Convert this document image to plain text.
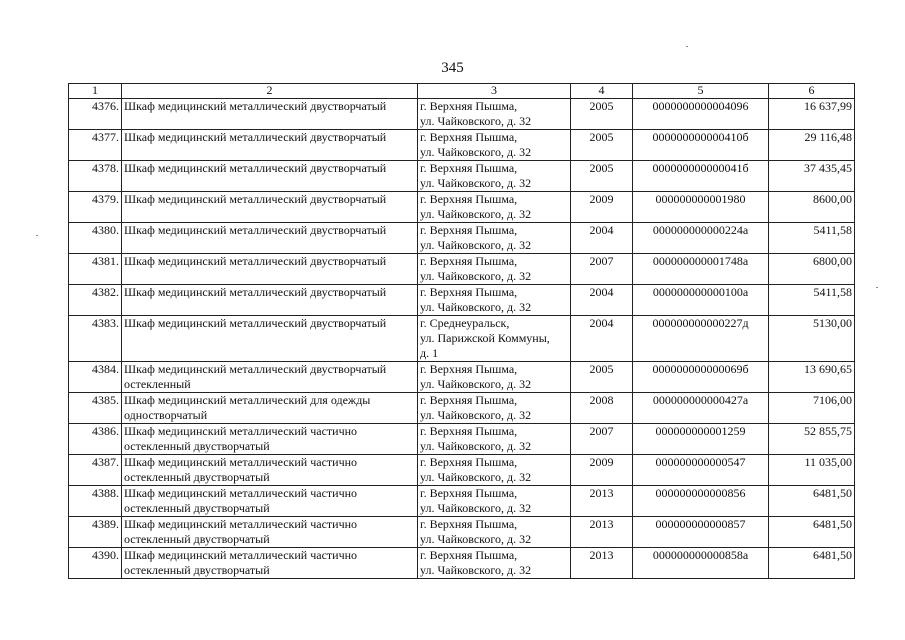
345
1	2	3	4	5	6
4376.	Шкаф медицинский металлический двустворчатый	г. Верхняя Пышма,
ул. Чайковского, д. 32	2005	0000000000004096	16 637,99
4377.	Шкаф медицинский металлический двустворчатый	г. Верхняя Пышма,
ул. Чайковского, д. 32	2005	000000000000410б	29 116,48
4378.	Шкаф медицинский металлический двустворчатый	г. Верхняя Пышма,
ул. Чайковского, д. 32	2005	000000000000041б	37 435,45
4379.	Шкаф медицинский металлический двустворчатый	г. Верхняя Пышма,
ул. Чайковского, д. 32	2009	000000000001980	8600,00
4380.	Шкаф медицинский металлический двустворчатый	г. Верхняя Пышма,
ул. Чайковского, д. 32	2004	000000000000224а	5411,58
4381.	Шкаф медицинский металлический двустворчатый	г. Верхняя Пышма,
ул. Чайковского, д. 32	2007	000000000001748а	6800,00
4382.	Шкаф медицинский металлический двустворчатый	г. Верхняя Пышма,
ул. Чайковского, д. 32	2004	000000000000100а	5411,58
4383.	Шкаф медицинский металлический двустворчатый	г. Среднеуральск,
ул. Парижской Коммуны,
д. 1	2004	000000000000227д	5130,00
4384.	Шкаф медицинский металлический двустворчатый
остекленный	г. Верхняя Пышма,
ул. Чайковского, д. 32	2005	000000000000069б	13 690,65
4385.	Шкаф медицинский металлический для одежды
одностворчатый	г. Верхняя Пышма,
ул. Чайковского, д. 32	2008	000000000000427а	7106,00
4386.	Шкаф медицинский металлический частично
остекленный двустворчатый	г. Верхняя Пышма,
ул. Чайковского, д. 32	2007	000000000001259	52 855,75
4387.	Шкаф медицинский металлический частично
остекленный двустворчатый	г. Верхняя Пышма,
ул. Чайковского, д. 32	2009	000000000000547	11 035,00
4388.	Шкаф медицинский металлический частично
остекленный двустворчатый	г. Верхняя Пышма,
ул. Чайковского, д. 32	2013	000000000000856	6481,50
4389.	Шкаф медицинский металлический частично
остекленный двустворчатый	г. Верхняя Пышма,
ул. Чайковского, д. 32	2013	000000000000857	6481,50
4390.	Шкаф медицинский металлический частично
остекленный двустворчатый	г. Верхняя Пышма,
ул. Чайковского, д. 32	2013	000000000000858а	6481,50
